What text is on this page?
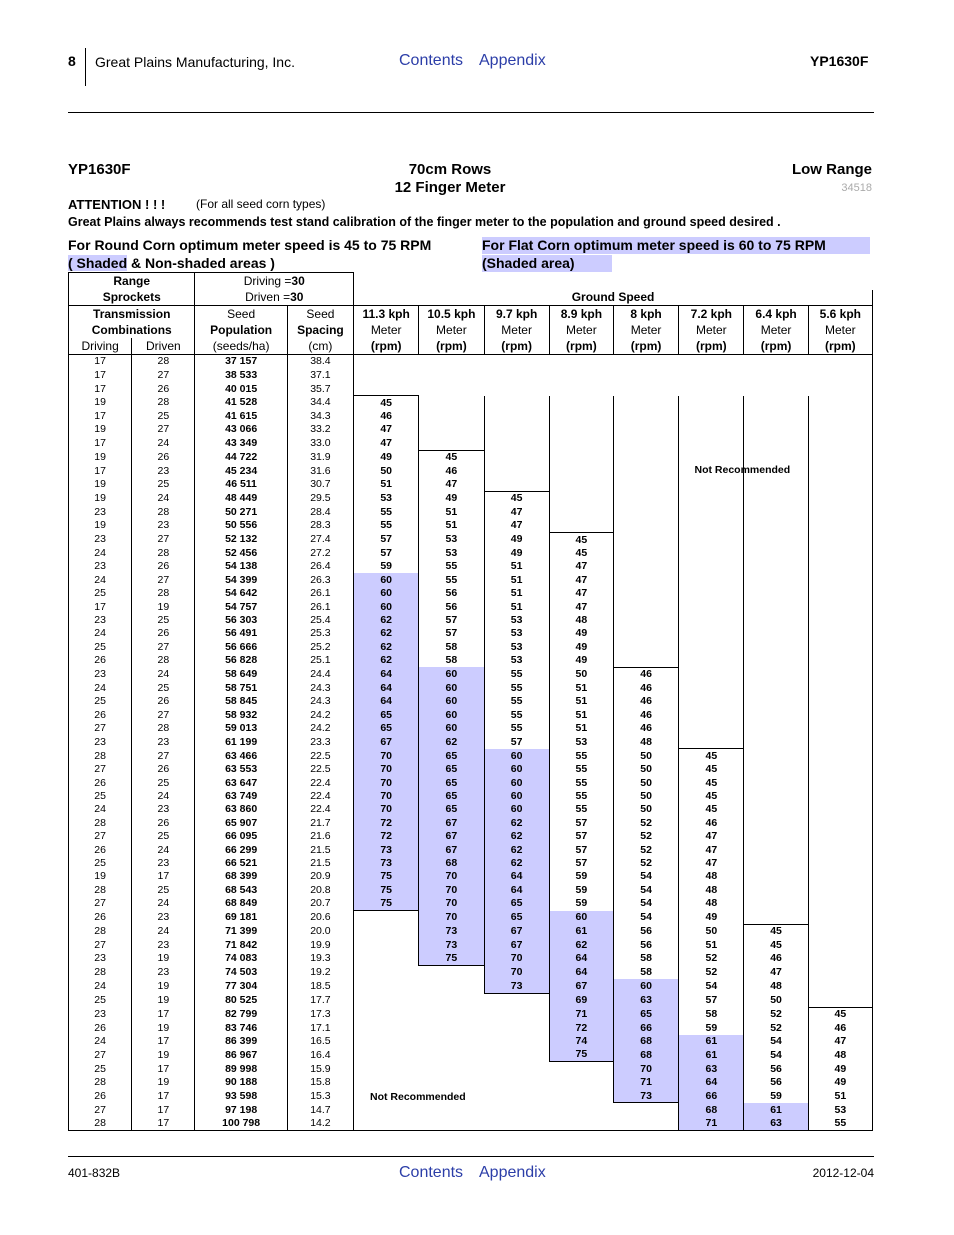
8 Great Plains Manufacturing, Inc.	Contents Appendix	YP1630F
YP1630F	70cm Rows
12 Finger Meter
Low Range
34518
ATTENTION ! ! !	(For all seed corn types)
Great Plains always recommends test stand calibration of the finger meter to the population and ground speed desired .
For Round Corn optimum meter speed is 45 to 75 RPM
( Shaded & Non-shaded areas )
For Flat Corn optimum meter speed is 60 to 75 RPM
(Shaded area)
Range		Driving =30									
Sprockets		Driven =30		Ground Speed							
Transmission		Seed	Seed	11.3 kph	10.5 kph	9.7 kph	8.9 kph	8 kph	7.2 kph	6.4 kph	5.6 kph
Combinations		Population	Spacing	Meter	Meter	Meter	Meter	Meter	Meter	Meter	Meter
Driving	Driven	(seeds/ha)	(cm)	(rpm)	(rpm)	(rpm)	(rpm)	(rpm)	(rpm)	(rpm)	(rpm)
17	28	37 157	38.4								
17	27	38 533	37.1								
17	26	40 015	35.7								
19	28	41 528	34.4	45							
17	25	41 615	34.3	46							
19	27	43 066	33.2	47							
17	24	43 349	33.0	47							
19	26	44 722	31.9	49	45						
17	23	45 234	31.6	50	46						
19	25	46 511	30.7	51	47						
19	24	48 449	29.5	53	49	45					
23	28	50 271	28.4	55	51	47					
19	23	50 556	28.3	55	51	47					
23	27	52 132	27.4	57	53	49	45				
24	28	52 456	27.2	57	53	49	45				
23	26	54 138	26.4	59	55	51	47				
24	27	54 399	26.3	60	55	51	47				
25	28	54 642	26.1	60	56	51	47				
17	19	54 757	26.1	60	56	51	47				
23	25	56 303	25.4	62	57	53	48				
24	26	56 491	25.3	62	57	53	49				
25	27	56 666	25.2	62	58	53	49				
26	28	56 828	25.1	62	58	53	49				
23	24	58 649	24.4	64	60	55	50	46			
24	25	58 751	24.3	64	60	55	51	46			
25	26	58 845	24.3	64	60	55	51	46			
26	27	58 932	24.2	65	60	55	51	46			
27	28	59 013	24.2	65	60	55	51	46			
23	23	61 199	23.3	67	62	57	53	48			
28	27	63 466	22.5	70	65	60	55	50	45		
27	26	63 553	22.5	70	65	60	55	50	45		
26	25	63 647	22.4	70	65	60	55	50	45		
25	24	63 749	22.4	70	65	60	55	50	45		
24	23	63 860	22.4	70	65	60	55	50	45		
28	26	65 907	21.7	72	67	62	57	52	46		
27	25	66 095	21.6	72	67	62	57	52	47		
26	24	66 299	21.5	73	67	62	57	52	47		
25	23	66 521	21.5	73	68	62	57	52	47		
19	17	68 399	20.9	75	70	64	59	54	48		
28	25	68 543	20.8	75	70	64	59	54	48		
27	24	68 849	20.7	75	70	65	59	54	48		
26	23	69 181	20.6		70	65	60	54	49		
28	24	71 399	20.0		73	67	61	56	50	45	
27	23	71 842	19.9		73	67	62	56	51	45	
23	19	74 083	19.3		75	70	64	58	52	46	
28	23	74 503	19.2			70	64	58	52	47	
24	19	77 304	18.5			73	67	60	54	48	
25	19	80 525	17.7				69	63	57	50	
23	17	82 799	17.3				71	65	58	52	45
26	19	83 746	17.1				72	66	59	52	46
24	17	86 399	16.5				74	68	61	54	47
27	19	86 967	16.4				75	68	61	54	48
25	17	89 998	15.9					70	63	56	49
28	19	90 188	15.8					71	64	56	49
26	17	93 598	15.3					73	66	59	51
27	17	97 198	14.7						68	61	53
28	17	100 798	14.2						71	63	55
Not Recommended
Not Recommended
401-832B	Contents Appendix	2012-12-04
